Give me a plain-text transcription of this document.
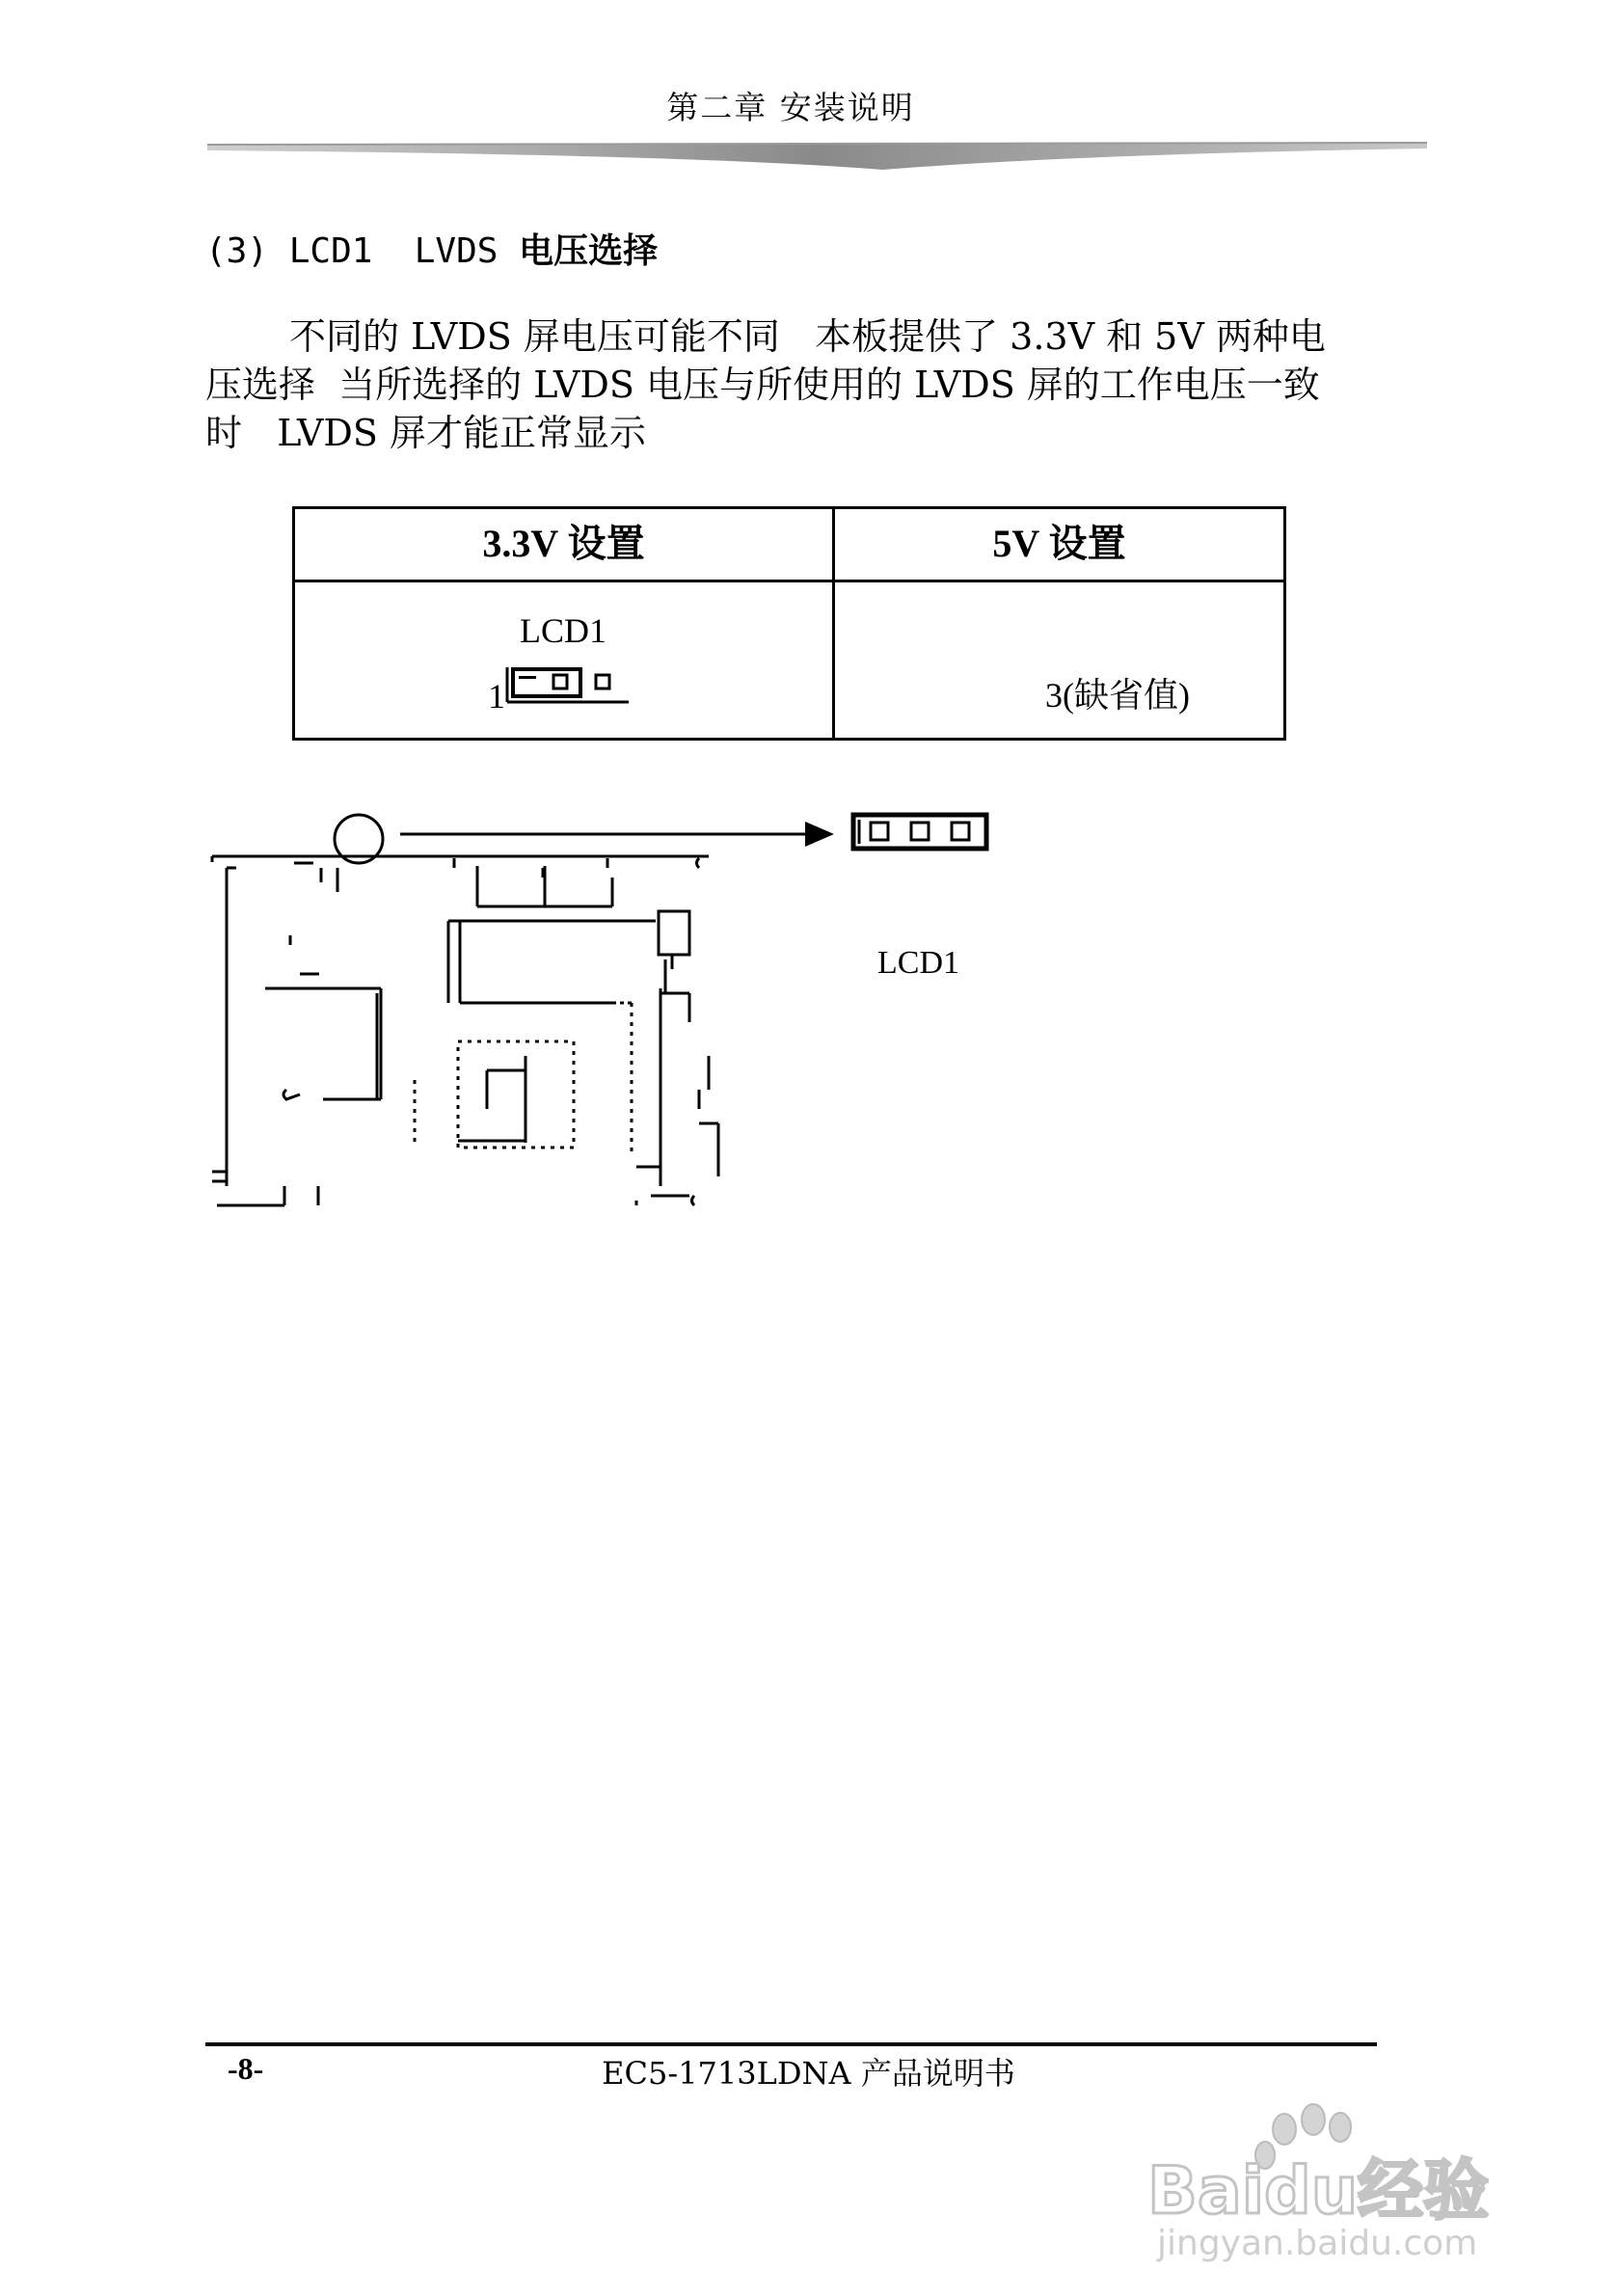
第二章 安装说明
(3) LCD1  LVDS 电压选择
不同的 LVDS 屏电压可能不同   本板提供了 3.3V 和 5V 两种电
压选择  当所选择的 LVDS 电压与所使用的 LVDS 屏的工作电压一致
时   LVDS 屏才能正常显示
3.3V 设置	5V 设置
LCD1
1	3(缺省值)
LCD1
-8-	EC5-1713LDNA 产品说明书
Baidu经验
jingyan.baidu.com
